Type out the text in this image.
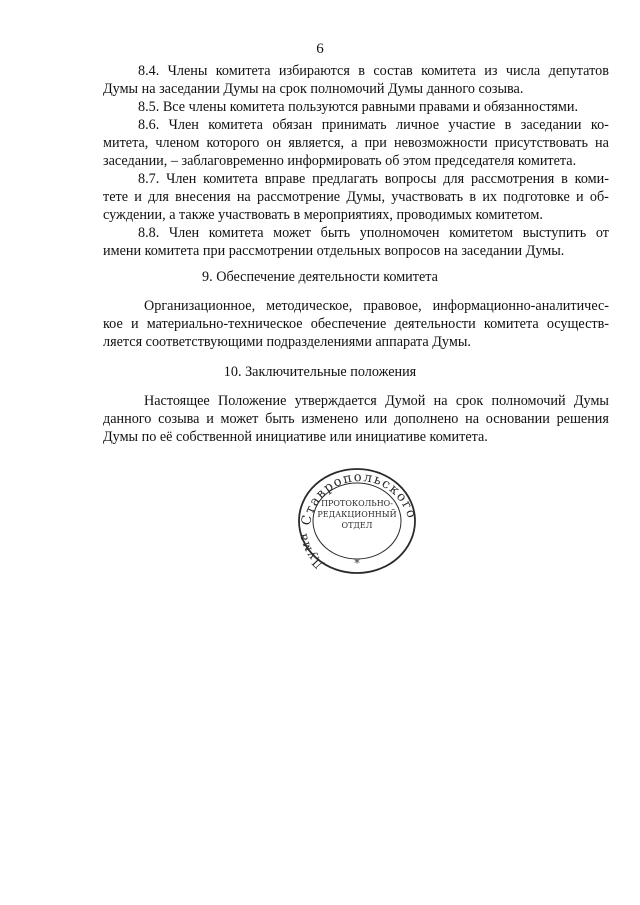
6
8.4. Члены комитета избираются в состав комитета из числа депутатов
Думы на заседании Думы на срок полномочий Думы данного созыва.
8.5. Все члены комитета пользуются равными правами и обязанностями.
8.6. Член комитета обязан принимать личное участие в заседании ко-
митета, членом которого он является, а при невозможности присутствовать на
заседании, – заблаговременно информировать об этом председателя комитета.
8.7. Член комитета вправе предлагать вопросы для рассмотрения в коми-
тете и для внесения на рассмотрение Думы, участвовать в их подготовке и об-
суждении, а также участвовать в мероприятиях, проводимых комитетом.
8.8. Член комитета может быть уполномочен комитетом выступить от
имени комитета при рассмотрении отдельных вопросов на заседании Думы.
9. Обеспечение деятельности комитета
Организационное, методическое, правовое, информационно-аналитичес-
кое и материально-техническое обеспечение деятельности комитета осуществ-
ляется соответствующими подразделениями аппарата Думы.
10. Заключительные положения
Настоящее Положение утверждается Думой на срок полномочий Думы
данного созыва и может быть изменено или дополнено на основании решения
Думы по её собственной инициативе или инициативе комитета.
Ставропольского
Дума
ПРОТОКОЛЬНО-
РЕДАКЦИОННЫЙ
ОТДЕЛ
*
